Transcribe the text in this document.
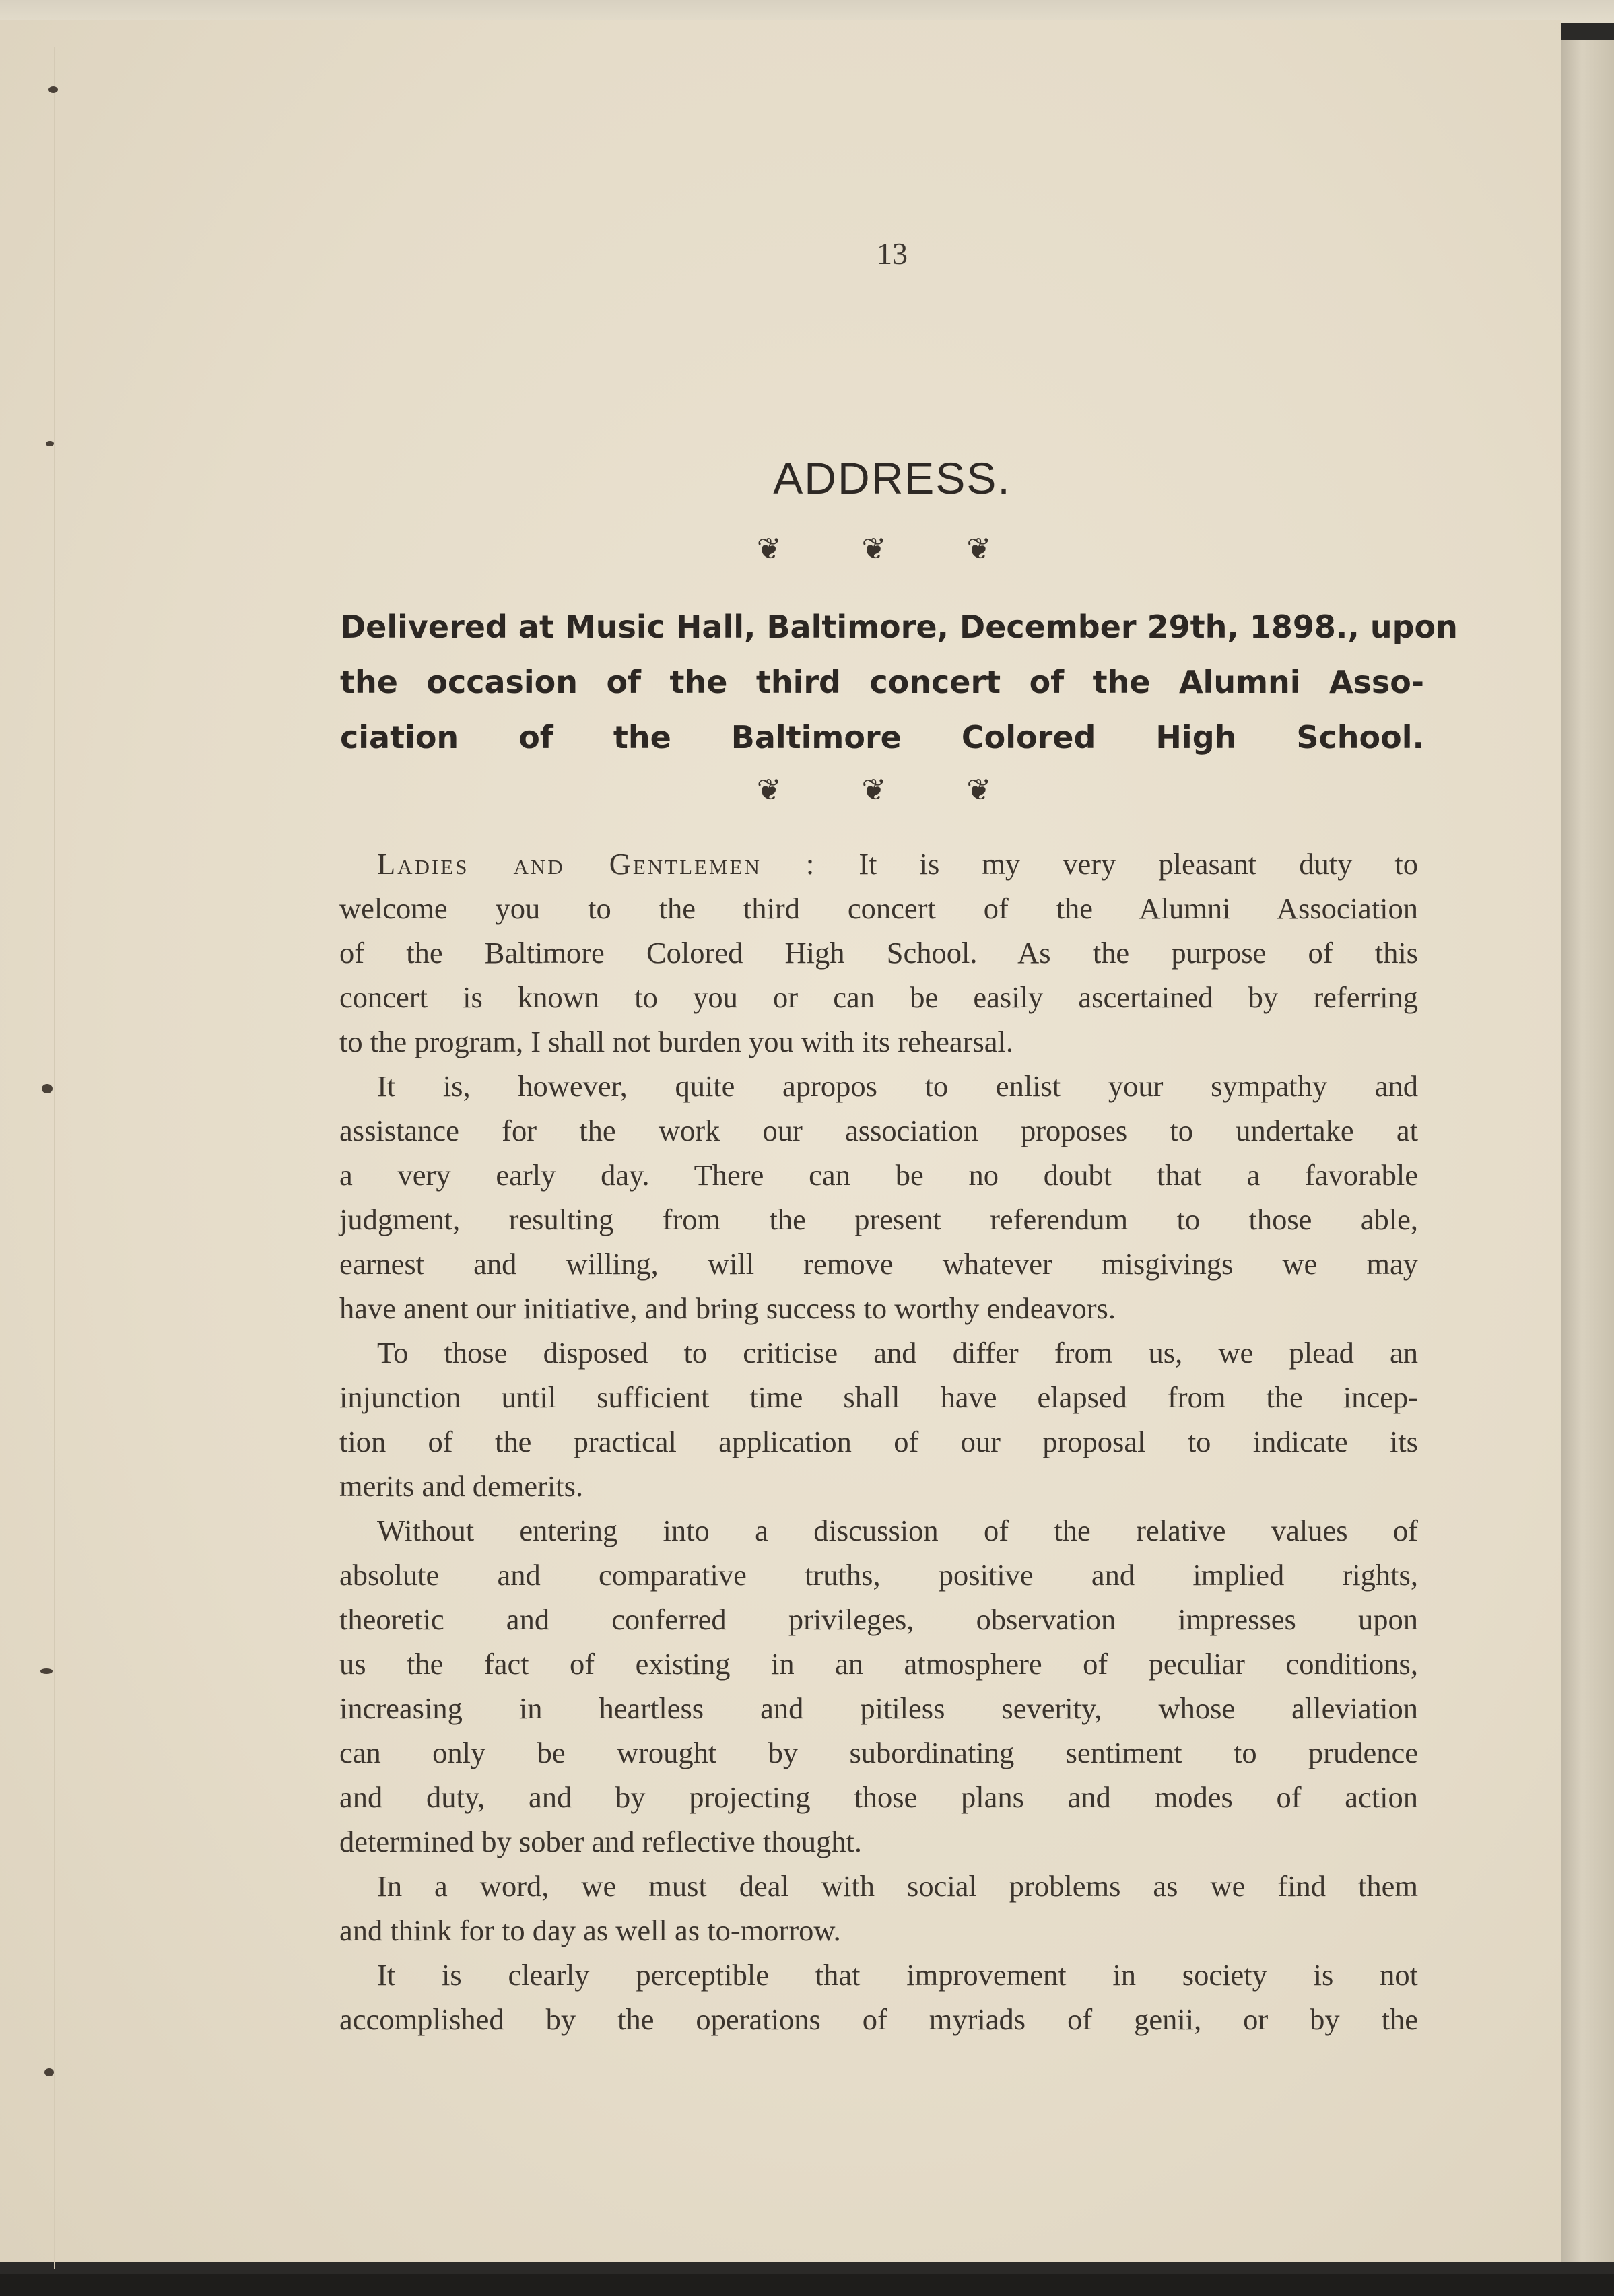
13
ADDRESS.
❦ ❦ ❦
Delivered at Music Hall, Baltimore, December 29th, 1898., upon
the occasion of the third concert of the Alumni Asso-
ciation of the Baltimore Colored High School.
❦ ❦ ❦
Ladies and Gentlemen : It is my very pleasant duty to
welcome you to the third concert of the Alumni Association
of the Baltimore Colored High School. As the purpose of this
concert is known to you or can be easily ascertained by referring
to the program, I shall not burden you with its rehearsal.
It is, however, quite apropos to enlist your sympathy and
assistance for the work our association proposes to undertake at
a very early day. There can be no doubt that a favorable
judgment, resulting from the present referendum to those able,
earnest and willing, will remove whatever misgivings we may
have anent our initiative, and bring success to worthy endeavors.
To those disposed to criticise and differ from us, we plead an
injunction until sufficient time shall have elapsed from the incep-
tion of the practical application of our proposal to indicate its
merits and demerits.
Without entering into a discussion of the relative values of
absolute and comparative truths, positive and implied rights,
theoretic and conferred privileges, observation impresses upon
us the fact of existing in an atmosphere of peculiar conditions,
increasing in heartless and pitiless severity, whose alleviation
can only be wrought by subordinating sentiment to prudence
and duty, and by projecting those plans and modes of action
determined by sober and reflective thought.
In a word, we must deal with social problems as we find them
and think for to day as well as to-morrow.
It is clearly perceptible that improvement in society is not
accomplished by the operations of myriads of genii, or by the
